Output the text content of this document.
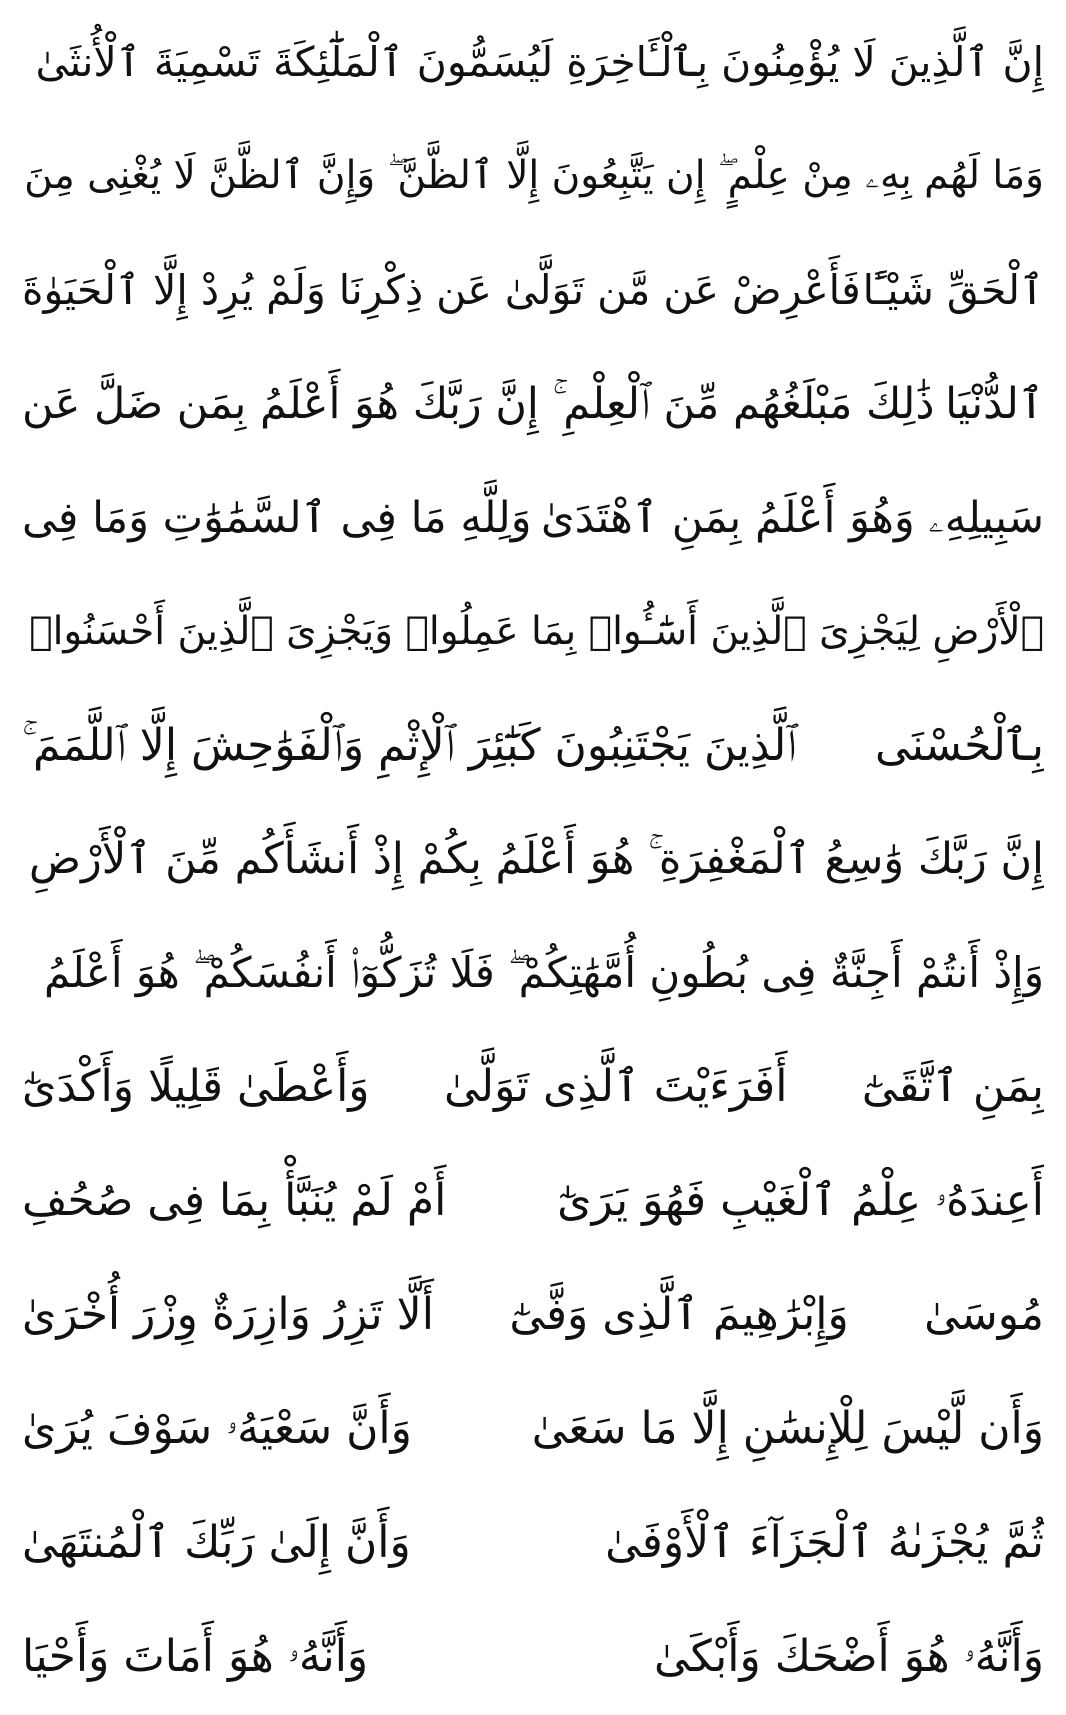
إِنَّ ٱلَّذِينَ لَا يُؤْمِنُونَ بِٱلْـَٔاخِرَةِ لَيُسَمُّونَ ٱلْمَلَٰٓئِكَةَ تَسْمِيَةَ ٱلْأُنثَىٰ
وَمَا لَهُم بِهِۦ مِنْ عِلْمٍ ۖ إِن يَتَّبِعُونَ إِلَّا ٱلظَّنَّ ۖ وَإِنَّ ٱلظَّنَّ لَا يُغْنِى مِنَ
ٱلْحَقِّ شَيْـًٔا
فَأَعْرِضْ عَن مَّن تَوَلَّىٰ عَن ذِكْرِنَا وَلَمْ يُرِدْ إِلَّا ٱلْحَيَوٰةَ
ٱلدُّنْيَا
ذَٰلِكَ مَبْلَغُهُم مِّنَ ٱلْعِلْمِ ۚ إِنَّ رَبَّكَ هُوَ أَعْلَمُ بِمَن ضَلَّ عَن
سَبِيلِهِۦ وَهُوَ أَعْلَمُ بِمَنِ ٱهْتَدَىٰ
وَلِلَّهِ مَا فِى ٱلسَّمَٰوَٰتِ وَمَا فِى
ٱلْأَرْضِ لِيَجْزِىَ ٱلَّذِينَ أَسَٰٓـُٔوا۟ بِمَا عَمِلُوا۟ وَيَجْزِىَ ٱلَّذِينَ أَحْسَنُوا۟
بِٱلْحُسْنَى
ٱلَّذِينَ يَجْتَنِبُونَ كَبَٰٓئِرَ ٱلْإِثْمِ وَٱلْفَوَٰحِشَ إِلَّا ٱللَّمَمَ ۚ
إِنَّ رَبَّكَ وَٰسِعُ ٱلْمَغْفِرَةِ ۚ هُوَ أَعْلَمُ بِكُمْ إِذْ أَنشَأَكُم مِّنَ ٱلْأَرْضِ
وَإِذْ أَنتُمْ أَجِنَّةٌ فِى بُطُونِ أُمَّهَٰتِكُمْ ۖ فَلَا تُزَكُّوٓا۟ أَنفُسَكُمْ ۖ هُوَ أَعْلَمُ
بِمَنِ ٱتَّقَىٰٓ
أَفَرَءَيْتَ ٱلَّذِى تَوَلَّىٰ
وَأَعْطَىٰ قَلِيلًا وَأَكْدَىٰٓ
أَعِندَهُۥ عِلْمُ ٱلْغَيْبِ فَهُوَ يَرَىٰٓ
أَمْ لَمْ يُنَبَّأْ بِمَا فِى صُحُفِ
مُوسَىٰ
وَإِبْرَٰهِيمَ ٱلَّذِى وَفَّىٰٓ
أَلَّا تَزِرُ وَازِرَةٌ وِزْرَ أُخْرَىٰ
وَأَن لَّيْسَ لِلْإِنسَٰنِ إِلَّا مَا سَعَىٰ
وَأَنَّ سَعْيَهُۥ سَوْفَ يُرَىٰ
ثُمَّ يُجْزَىٰهُ ٱلْجَزَآءَ ٱلْأَوْفَىٰ
وَأَنَّ إِلَىٰ رَبِّكَ ٱلْمُنتَهَىٰ
وَأَنَّهُۥ هُوَ أَضْحَكَ وَأَبْكَىٰ
وَأَنَّهُۥ هُوَ أَمَاتَ وَأَحْيَا
